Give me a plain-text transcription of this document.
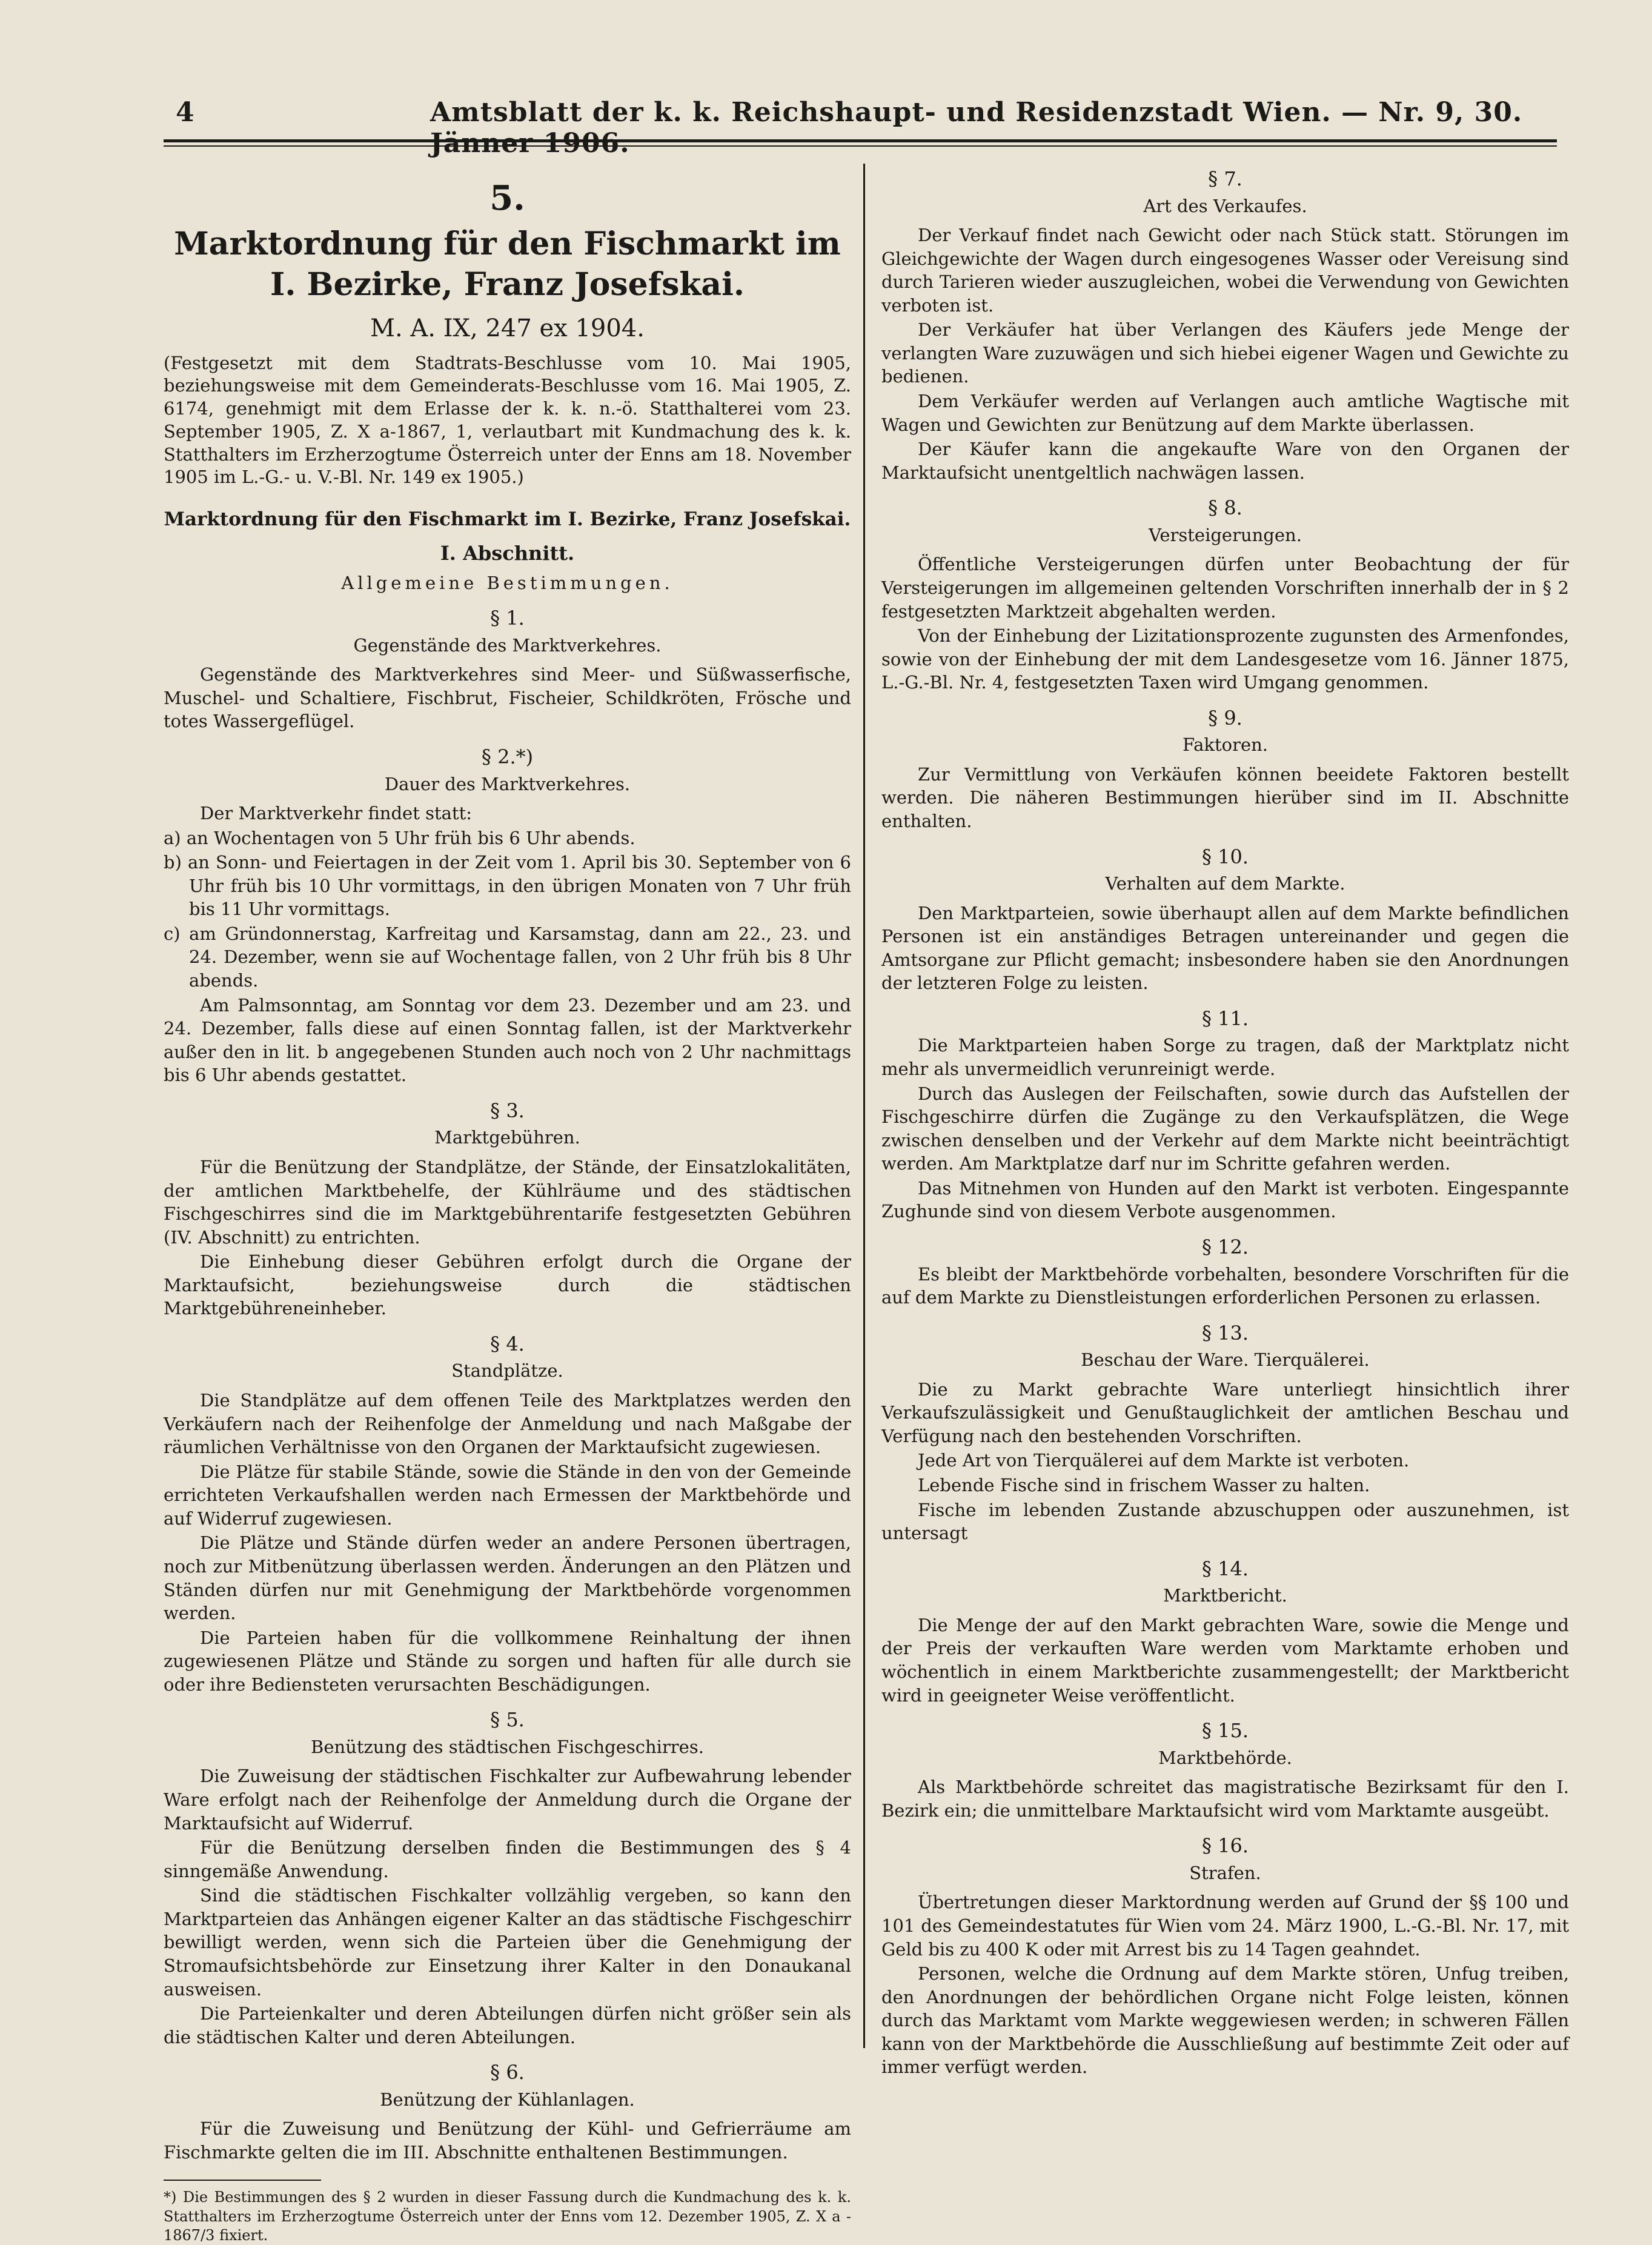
4	Amtsblatt der k. k. Reichshaupt- und Residenzstadt Wien. — Nr. 9, 30. Jänner 1906.
5.
Marktordnung für den Fischmarkt im I. Bezirke, Franz Josefskai.
M. A. IX, 247 ex 1904.
(Festgesetzt mit dem Stadtrats-Beschlusse vom 10. Mai 1905, beziehungsweise mit dem Gemeinderats-Beschlusse vom 16. Mai 1905, Z. 6174, genehmigt mit dem Erlasse der k. k. n.-ö. Statthalterei vom 23. September 1905, Z. X a-1867, 1, verlautbart mit Kundmachung des k. k. Statthalters im Erzherzogtume Österreich unter der Enns am 18. November 1905 im L.-G.- u. V.-Bl. Nr. 149 ex 1905.)
Marktordnung für den Fischmarkt im I. Bezirke, Franz Josefskai.
I. Abschnitt.
Allgemeine Bestimmungen.
§ 1.
Gegenstände des Marktverkehres.

Gegenstände des Marktverkehres sind Meer- und Süßwasserfische, Muschel- und Schaltiere, Fischbrut, Fischeier, Schildkröten, Frösche und totes Wassergeflügel.

§ 2.*)
Dauer des Marktverkehres.

Der Marktverkehr findet statt:

a) an Wochentagen von 5 Uhr früh bis 6 Uhr abends.

b) an Sonn- und Feiertagen in der Zeit vom 1. April bis 30. September von 6 Uhr früh bis 10 Uhr vormittags, in den übrigen Monaten von 7 Uhr früh bis 11 Uhr vormittags.

c) am Gründonnerstag, Karfreitag und Karsamstag, dann am 22., 23. und 24. Dezember, wenn sie auf Wochentage fallen, von 2 Uhr früh bis 8 Uhr abends.

Am Palmsonntag, am Sonntag vor dem 23. Dezember und am 23. und 24. Dezember, falls diese auf einen Sonntag fallen, ist der Marktverkehr außer den in lit. b angegebenen Stunden auch noch von 2 Uhr nachmittags bis 6 Uhr abends gestattet.

§ 3.
Marktgebühren.

Für die Benützung der Standplätze, der Stände, der Einsatzlokalitäten, der amtlichen Marktbehelfe, der Kühlräume und des städtischen Fischgeschirres sind die im Marktgebührentarife festgesetzten Gebühren (IV. Abschnitt) zu entrichten.

Die Einhebung dieser Gebühren erfolgt durch die Organe der Marktaufsicht, beziehungsweise durch die städtischen Marktgebühreneinheber.

§ 4.
Standplätze.

Die Standplätze auf dem offenen Teile des Marktplatzes werden den Verkäufern nach der Reihenfolge der Anmeldung und nach Maßgabe der räumlichen Verhältnisse von den Organen der Marktaufsicht zugewiesen.

Die Plätze für stabile Stände, sowie die Stände in den von der Gemeinde errichteten Verkaufshallen werden nach Ermessen der Marktbehörde und auf Widerruf zugewiesen.

Die Plätze und Stände dürfen weder an andere Personen übertragen, noch zur Mitbenützung überlassen werden. Änderungen an den Plätzen und Ständen dürfen nur mit Genehmigung der Marktbehörde vorgenommen werden.

Die Parteien haben für die vollkommene Reinhaltung der ihnen zugewiesenen Plätze und Stände zu sorgen und haften für alle durch sie oder ihre Bediensteten verursachten Beschädigungen.

§ 5.
Benützung des städtischen Fischgeschirres.

Die Zuweisung der städtischen Fischkalter zur Aufbewahrung lebender Ware erfolgt nach der Reihenfolge der Anmeldung durch die Organe der Marktaufsicht auf Widerruf.

Für die Benützung derselben finden die Bestimmungen des § 4 sinngemäße Anwendung.

Sind die städtischen Fischkalter vollzählig vergeben, so kann den Marktparteien das Anhängen eigener Kalter an das städtische Fischgeschirr bewilligt werden, wenn sich die Parteien über die Genehmigung der Stromaufsichtsbehörde zur Einsetzung ihrer Kalter in den Donaukanal ausweisen.

Die Parteienkalter und deren Abteilungen dürfen nicht größer sein als die städtischen Kalter und deren Abteilungen.

§ 6.
Benützung der Kühlanlagen.

Für die Zuweisung und Benützung der Kühl- und Gefrierräume am Fischmarkte gelten die im III. Abschnitte enthaltenen Bestimmungen.

*) Die Bestimmungen des § 2 wurden in dieser Fassung durch die Kundmachung des k. k. Statthalters im Erzherzogtume Österreich unter der Enns vom 12. Dezember 1905, Z. X a - 1867/3 fixiert.
§ 7.
Art des Verkaufes.

Der Verkauf findet nach Gewicht oder nach Stück statt. Störungen im Gleichgewichte der Wagen durch eingesogenes Wasser oder Vereisung sind durch Tarieren wieder auszugleichen, wobei die Verwendung von Gewichten verboten ist.

Der Verkäufer hat über Verlangen des Käufers jede Menge der verlangten Ware zuzuwägen und sich hiebei eigener Wagen und Gewichte zu bedienen.

Dem Verkäufer werden auf Verlangen auch amtliche Wagtische mit Wagen und Gewichten zur Benützung auf dem Markte überlassen.

Der Käufer kann die angekaufte Ware von den Organen der Marktaufsicht unentgeltlich nachwägen lassen.

§ 8.
Versteigerungen.

Öffentliche Versteigerungen dürfen unter Beobachtung der für Versteigerungen im allgemeinen geltenden Vorschriften innerhalb der in § 2 festgesetzten Marktzeit abgehalten werden.

Von der Einhebung der Lizitationsprozente zugunsten des Armenfondes, sowie von der Einhebung der mit dem Landesgesetze vom 16. Jänner 1875, L.-G.-Bl. Nr. 4, festgesetzten Taxen wird Umgang genommen.

§ 9.
Faktoren.

Zur Vermittlung von Verkäufen können beeidete Faktoren bestellt werden. Die näheren Bestimmungen hierüber sind im II. Abschnitte enthalten.

§ 10.
Verhalten auf dem Markte.

Den Marktparteien, sowie überhaupt allen auf dem Markte befindlichen Personen ist ein anständiges Betragen untereinander und gegen die Amtsorgane zur Pflicht gemacht; insbesondere haben sie den Anordnungen der letzteren Folge zu leisten.

§ 11.

Die Marktparteien haben Sorge zu tragen, daß der Marktplatz nicht mehr als unvermeidlich verunreinigt werde.

Durch das Auslegen der Feilschaften, sowie durch das Aufstellen der Fischgeschirre dürfen die Zugänge zu den Verkaufsplätzen, die Wege zwischen denselben und der Verkehr auf dem Markte nicht beeinträchtigt werden. Am Marktplatze darf nur im Schritte gefahren werden.

Das Mitnehmen von Hunden auf den Markt ist verboten. Eingespannte Zughunde sind von diesem Verbote ausgenommen.

§ 12.

Es bleibt der Marktbehörde vorbehalten, besondere Vorschriften für die auf dem Markte zu Dienstleistungen erforderlichen Personen zu erlassen.

§ 13.
Beschau der Ware. Tierquälerei.

Die zu Markt gebrachte Ware unterliegt hinsichtlich ihrer Verkaufszulässigkeit und Genußtauglichkeit der amtlichen Beschau und Verfügung nach den bestehenden Vorschriften.

Jede Art von Tierquälerei auf dem Markte ist verboten.

Lebende Fische sind in frischem Wasser zu halten.

Fische im lebenden Zustande abzuschuppen oder auszunehmen, ist untersagt

§ 14.
Marktbericht.

Die Menge der auf den Markt gebrachten Ware, sowie die Menge und der Preis der verkauften Ware werden vom Marktamte erhoben und wöchentlich in einem Marktberichte zusammengestellt; der Marktbericht wird in geeigneter Weise veröffentlicht.

§ 15.
Marktbehörde.

Als Marktbehörde schreitet das magistratische Bezirksamt für den I. Bezirk ein; die unmittelbare Marktaufsicht wird vom Marktamte ausgeübt.

§ 16.
Strafen.

Übertretungen dieser Marktordnung werden auf Grund der §§ 100 und 101 des Gemeindestatutes für Wien vom 24. März 1900, L.-G.-Bl. Nr. 17, mit Geld bis zu 400 K oder mit Arrest bis zu 14 Tagen geahndet.

Personen, welche die Ordnung auf dem Markte stören, Unfug treiben, den Anordnungen der behördlichen Organe nicht Folge leisten, können durch das Marktamt vom Markte weggewiesen werden; in schweren Fällen kann von der Marktbehörde die Ausschließung auf bestimmte Zeit oder auf immer verfügt werden.
